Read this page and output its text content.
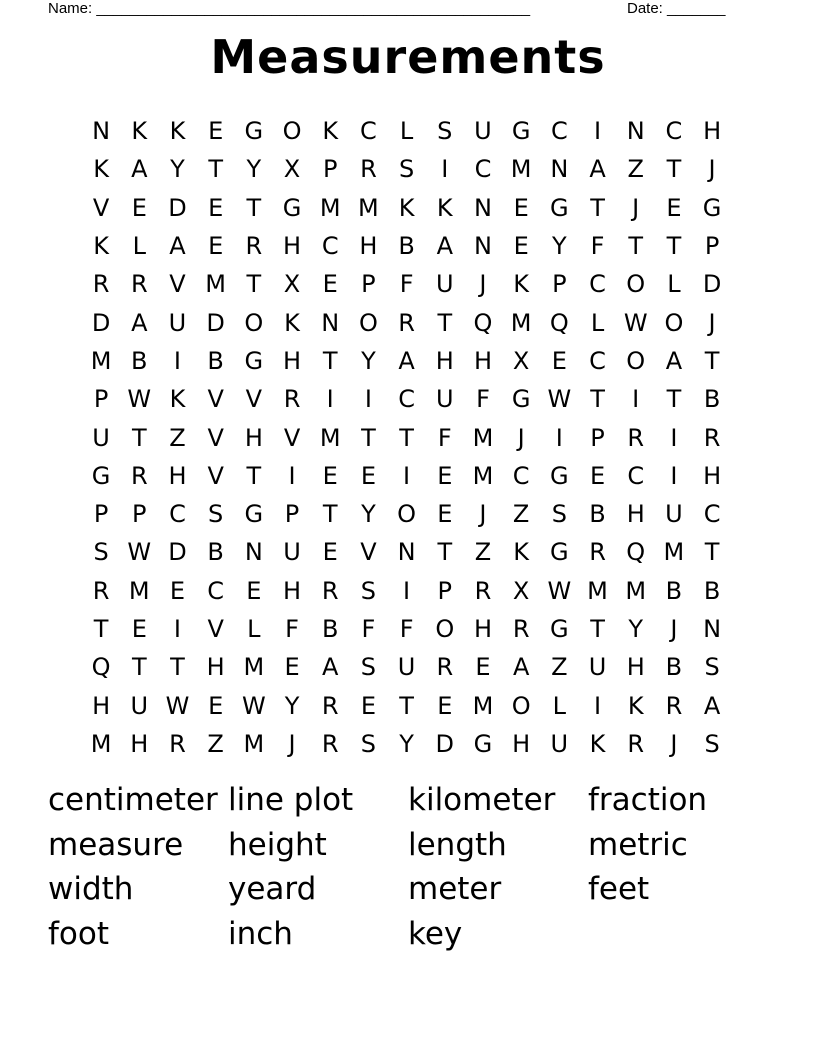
Name: ____________________________________________________	Date: _______
Measurements
N K K E G O K C L S U G C	I	N C H
K A Y T Y X P R S	I	C M N A Z T	J
V E D E T G M M K K N E G T	J	E G
K L A E R H C H B A N E Y F T T P
R R V M T X E P	F U	J	K P C O L D
D A U D O K N O R T Q M Q L W O	J
M B	I	B G H T Y A H H X E C O A T
P W K V V R	I	I	C U F G W T	I	T B
U T Z V H V M T T F M	J	I	P R	I	R
G R H V T	I	E E	I	E M C G E C	I	H
P P C S G P T Y O E	J	Z S B H U C
S W D B N U E V N T Z K G R Q M T
R M E C E H R S	I	P R X W M M B B
T E	I	V L	F B F	F O H R G T Y	J	N
Q T T H M E A S U R E A Z U H B S
H U W E W Y R E T E M O L	I	K R A
M H R Z M	J	R S Y D G H U K R	J	S
centimeter line plot	kilometer	fraction
measure	height	length	metric
width	yeard	meter	feet
foot	inch	key
